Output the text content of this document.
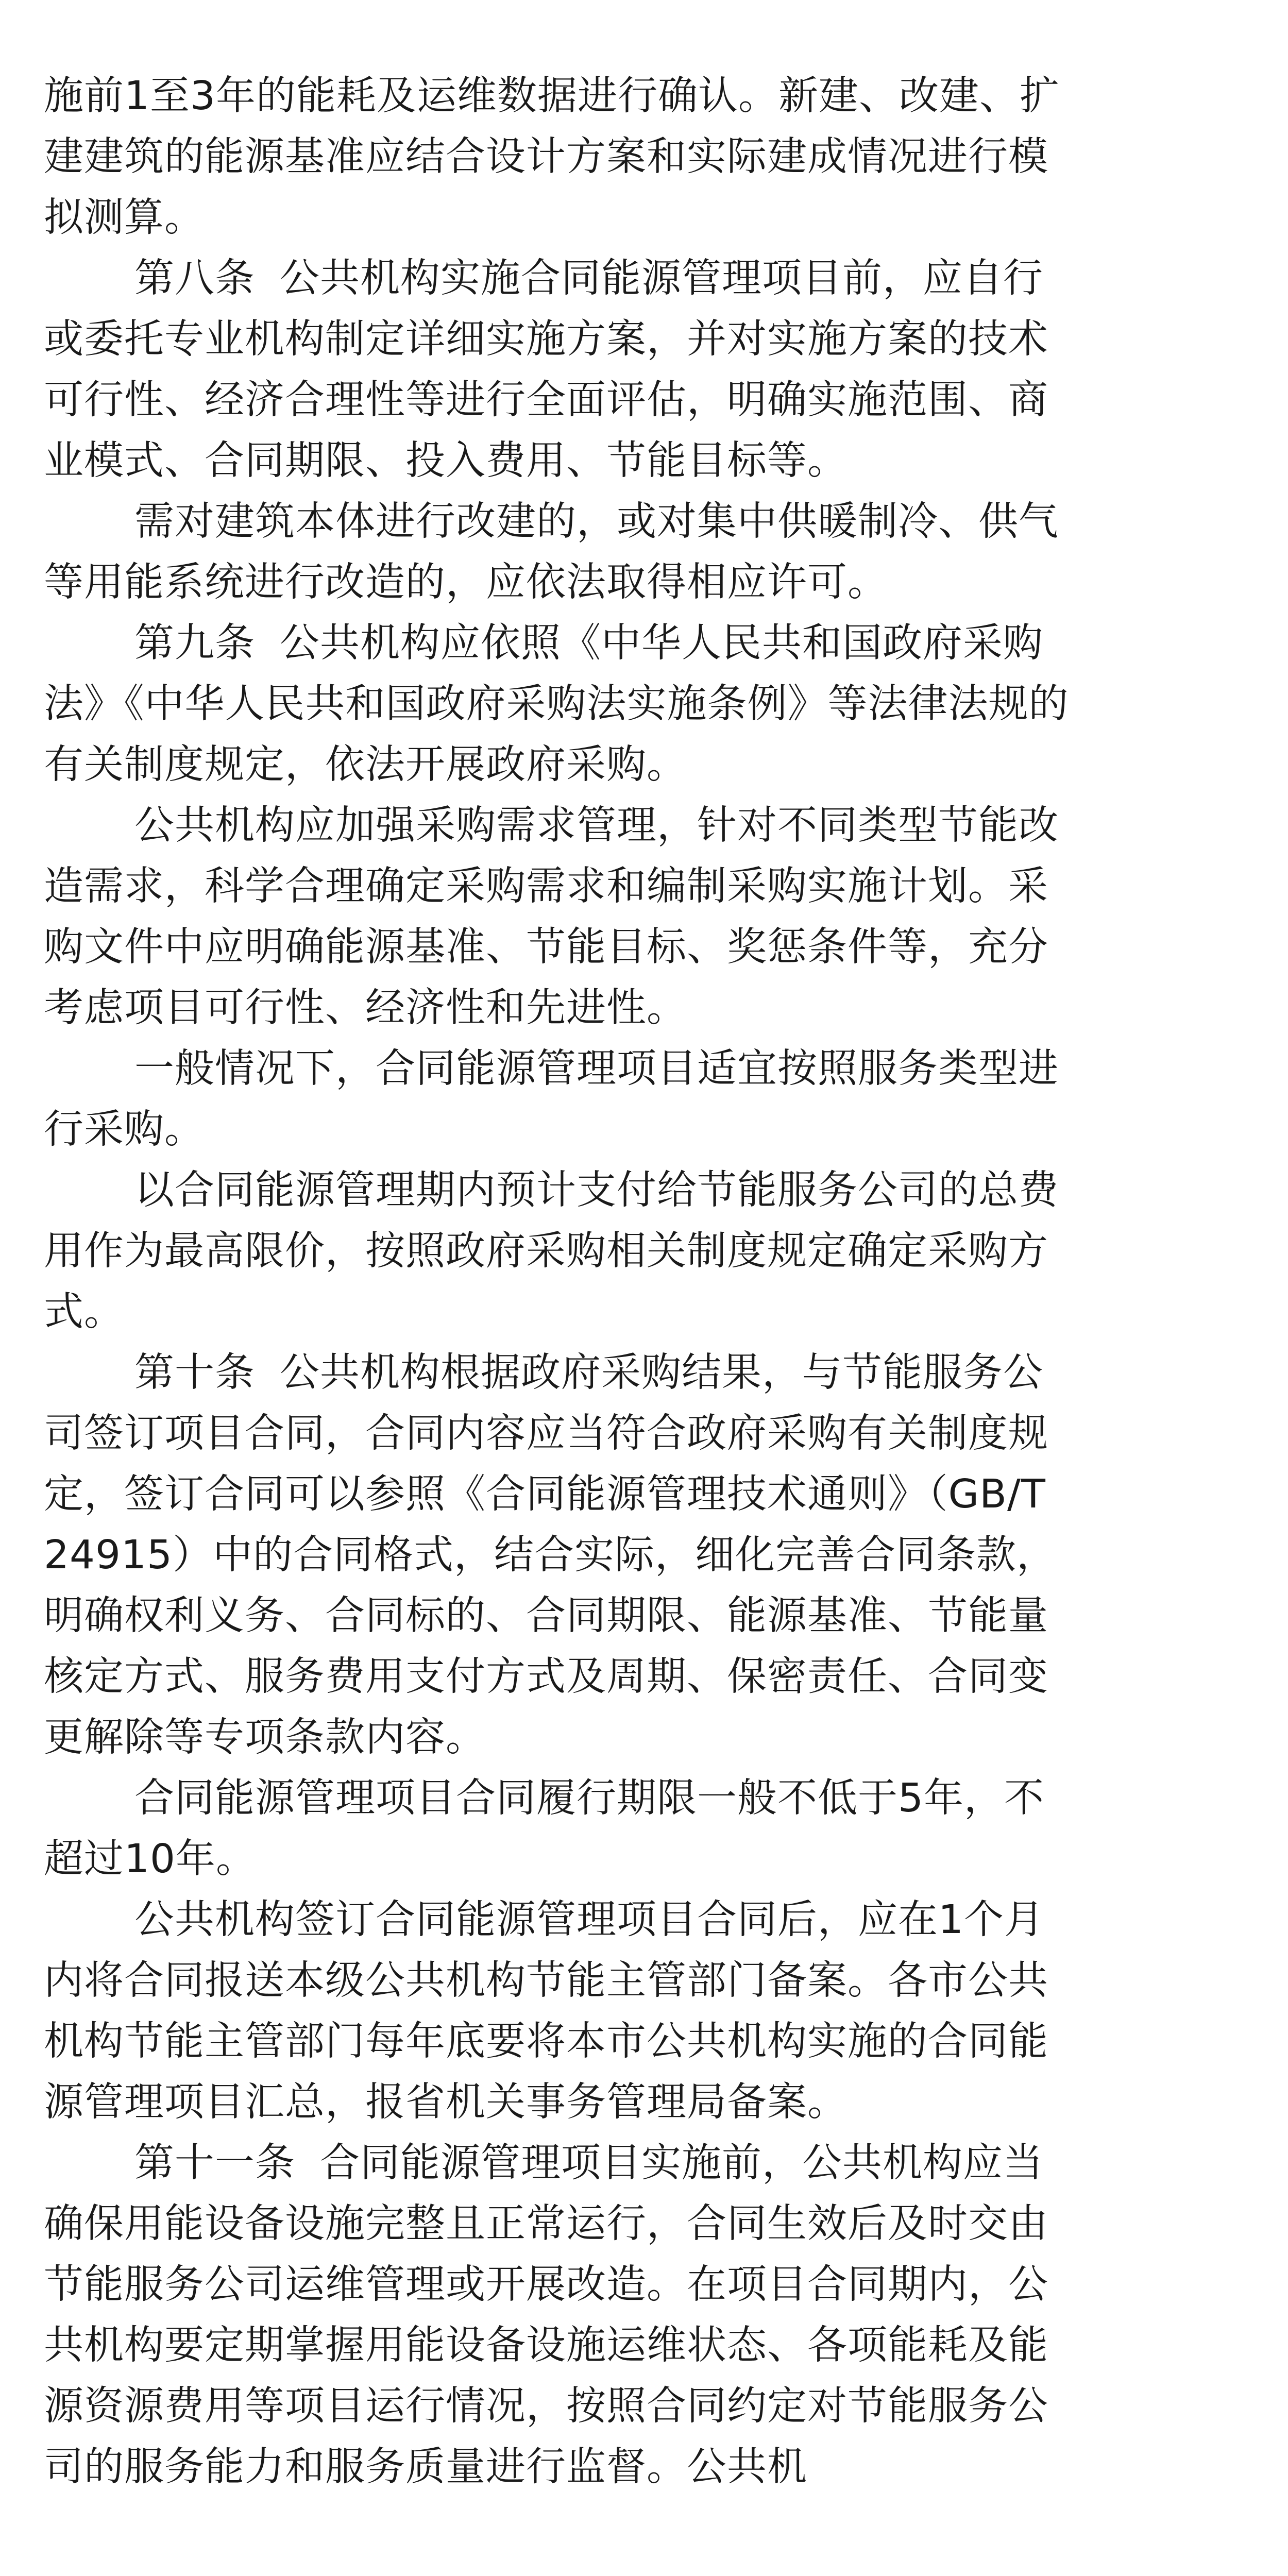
施前1至3年的能耗及运维数据进行确认。新建、改建、扩建建筑的能源基准应结合设计方案和实际建成情况进行模拟测算。

第八条 公共机构实施合同能源管理项目前，应自行或委托专业机构制定详细实施方案，并对实施方案的技术可行性、经济合理性等进行全面评估，明确实施范围、商业模式、合同期限、投入费用、节能目标等。

需对建筑本体进行改建的，或对集中供暖制冷、供气等用能系统进行改造的，应依法取得相应许可。

第九条 公共机构应依照《中华人民共和国政府采购法》《中华人民共和国政府采购法实施条例》等法律法规的有关制度规定，依法开展政府采购。

公共机构应加强采购需求管理，针对不同类型节能改造需求，科学合理确定采购需求和编制采购实施计划。采购文件中应明确能源基准、节能目标、奖惩条件等，充分考虑项目可行性、经济性和先进性。

一般情况下，合同能源管理项目适宜按照服务类型进行采购。

以合同能源管理期内预计支付给节能服务公司的总费用作为最高限价，按照政府采购相关制度规定确定采购方式。

第十条 公共机构根据政府采购结果，与节能服务公司签订项目合同，合同内容应当符合政府采购有关制度规定，签订合同可以参照《合同能源管理技术通则》（GB/T 24915）中的合同格式，结合实际，细化完善合同条款，明确权利义务、合同标的、合同期限、能源基准、节能量核定方式、服务费用支付方式及周期、保密责任、合同变更解除等专项条款内容。

合同能源管理项目合同履行期限一般不低于5年，不超过10年。

公共机构签订合同能源管理项目合同后，应在1个月内将合同报送本级公共机构节能主管部门备案。各市公共机构节能主管部门每年底要将本市公共机构实施的合同能源管理项目汇总，报省机关事务管理局备案。

第十一条 合同能源管理项目实施前，公共机构应当确保用能设备设施完整且正常运行，合同生效后及时交由节能服务公司运维管理或开展改造。在项目合同期内，公共机构要定期掌握用能设备设施运维状态、各项能耗及能源资源费用等项目运行情况，按照合同约定对节能服务公司的服务能力和服务质量进行监督。公共机
